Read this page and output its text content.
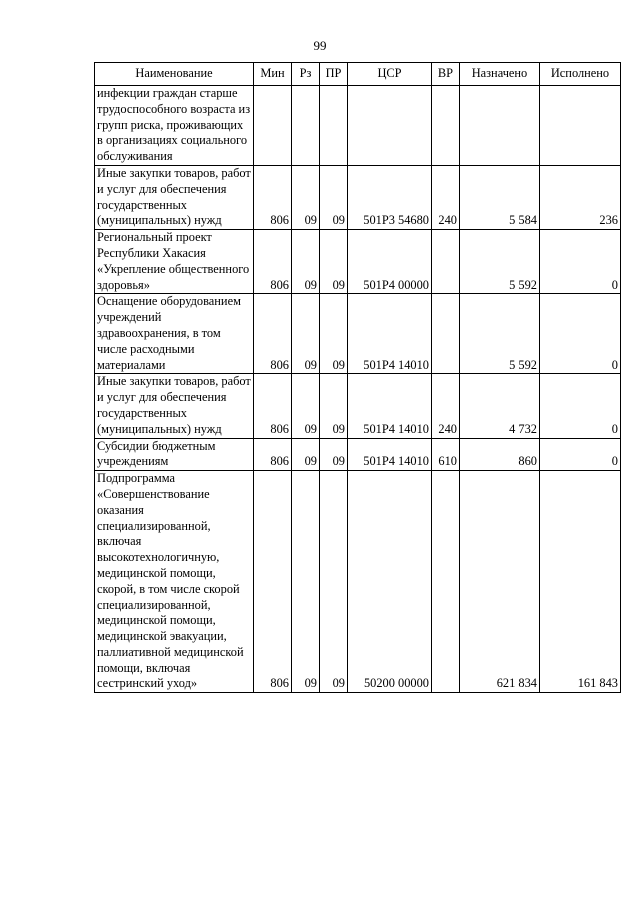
99
Наименование	Мин	Рз	ПР	ЦСР	ВР	Назначено	Исполнено
инфекции граждан старше трудоспособного возраста из групп риска, проживающих в организациях социального обслуживания							
Иные закупки товаров, работ и услуг для обеспечения государственных (муниципальных) нужд	806	09	09	501P3 54680	240	5 584	236
Региональный проект Республики Хакасия «Укрепление общественного здоровья»	806	09	09	501P4 00000		5 592	0
Оснащение оборудованием учреждений здравоохранения, в том числе расходными материалами	806	09	09	501P4 14010		5 592	0
Иные закупки товаров, работ и услуг для обеспечения государственных (муниципальных) нужд	806	09	09	501P4 14010	240	4 732	0
Субсидии бюджетным учреждениям	806	09	09	501P4 14010	610	860	0
Подпрограмма «Совершенствование оказания специализированной, включая высокотехнологичную, медицинской помощи, скорой, в том числе скорой специализированной, медицинской помощи, медицинской эвакуации, паллиативной медицинской помощи, включая сестринский уход»	806	09	09	50200 00000		621 834	161 843
